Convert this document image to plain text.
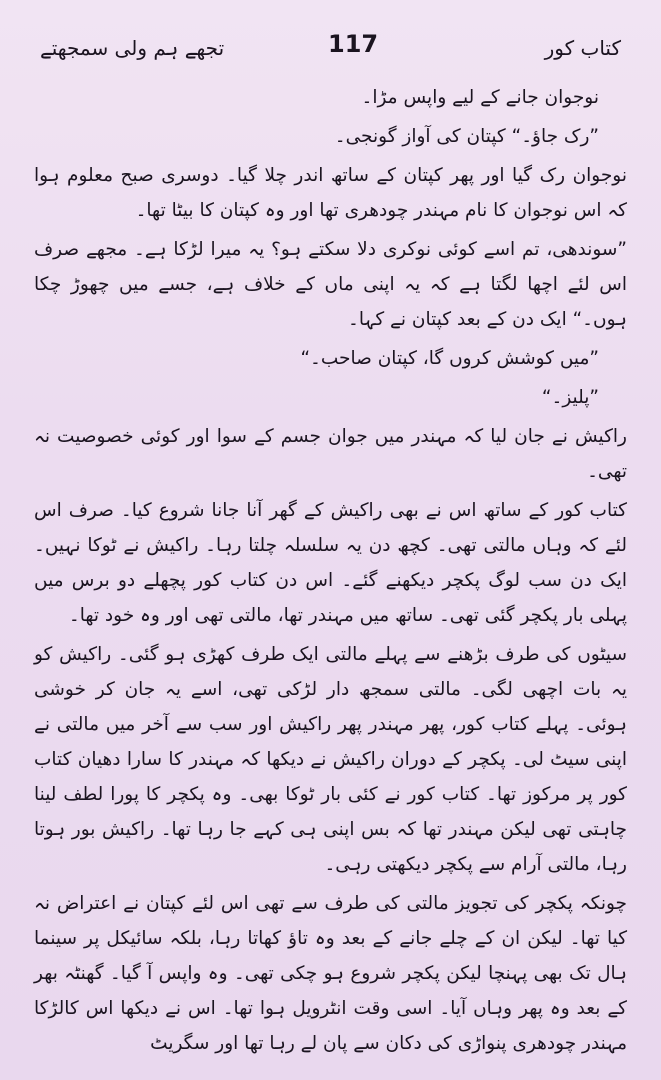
کتاب کور
117
تجھے ہم ولی سمجھتے

نوجوان جانے کے لیے واپس مڑا۔

”رک جاؤ۔“ کپتان کی آواز گونجی۔

نوجوان رک گیا اور پھر کپتان کے ساتھ اندر چلا گیا۔ دوسری صبح معلوم ہوا کہ اس نوجوان کا نام مہندر چودھری تھا اور وہ کپتان کا بیٹا تھا۔

”سوندھی، تم اسے کوئی نوکری دلا سکتے ہو؟ یہ میرا لڑکا ہے۔ مجھے صرف اس لئے اچھا لگتا ہے کہ یہ اپنی ماں کے خلاف ہے، جسے میں چھوڑ چکا ہوں۔“ ایک دن کے بعد کپتان نے کہا۔

”میں کوشش کروں گا، کپتان صاحب۔“

”پلیز۔“

راکیش نے جان لیا کہ مہندر میں جوان جسم کے سوا اور کوئی خصوصیت نہ تھی۔

کتاب کور کے ساتھ اس نے بھی راکیش کے گھر آنا جانا شروع کیا۔ صرف اس لئے کہ وہاں مالتی تھی۔ کچھ دن یہ سلسلہ چلتا رہا۔ راکیش نے ٹوکا نہیں۔ ایک دن سب لوگ پکچر دیکھنے گئے۔ اس دن کتاب کور پچھلے دو برس میں پہلی بار پکچر گئی تھی۔ ساتھ میں مہندر تھا، مالتی تھی اور وہ خود تھا۔

سیٹوں کی طرف بڑھنے سے پہلے مالتی ایک طرف کھڑی ہو گئی۔ راکیش کو یہ بات اچھی لگی۔ مالتی سمجھ دار لڑکی تھی، اسے یہ جان کر خوشی ہوئی۔ پہلے کتاب کور، پھر مہندر پھر راکیش اور سب سے آخر میں مالتی نے اپنی سیٹ لی۔ پکچر کے دوران راکیش نے دیکھا کہ مہندر کا سارا دھیان کتاب کور پر مرکوز تھا۔ کتاب کور نے کئی بار ٹوکا بھی۔ وہ پکچر کا پورا لطف لینا چاہتی تھی لیکن مہندر تھا کہ بس اپنی ہی کہے جا رہا تھا۔ راکیش بور ہوتا رہا، مالتی آرام سے پکچر دیکھتی رہی۔

چونکہ پکچر کی تجویز مالتی کی طرف سے تھی اس لئے کپتان نے اعتراض نہ کیا تھا۔ لیکن ان کے چلے جانے کے بعد وہ تاؤ کھاتا رہا، بلکہ سائیکل پر سینما ہال تک بھی پہنچا لیکن پکچر شروع ہو چکی تھی۔ وہ واپس آ گیا۔ گھنٹہ بھر کے بعد وہ پھر وہاں آیا۔ اسی وقت انٹرویل ہوا تھا۔ اس نے دیکھا اس کالڑکا مہندر چودھری پنواڑی کی دکان سے پان لے رہا تھا اور سگریٹ
